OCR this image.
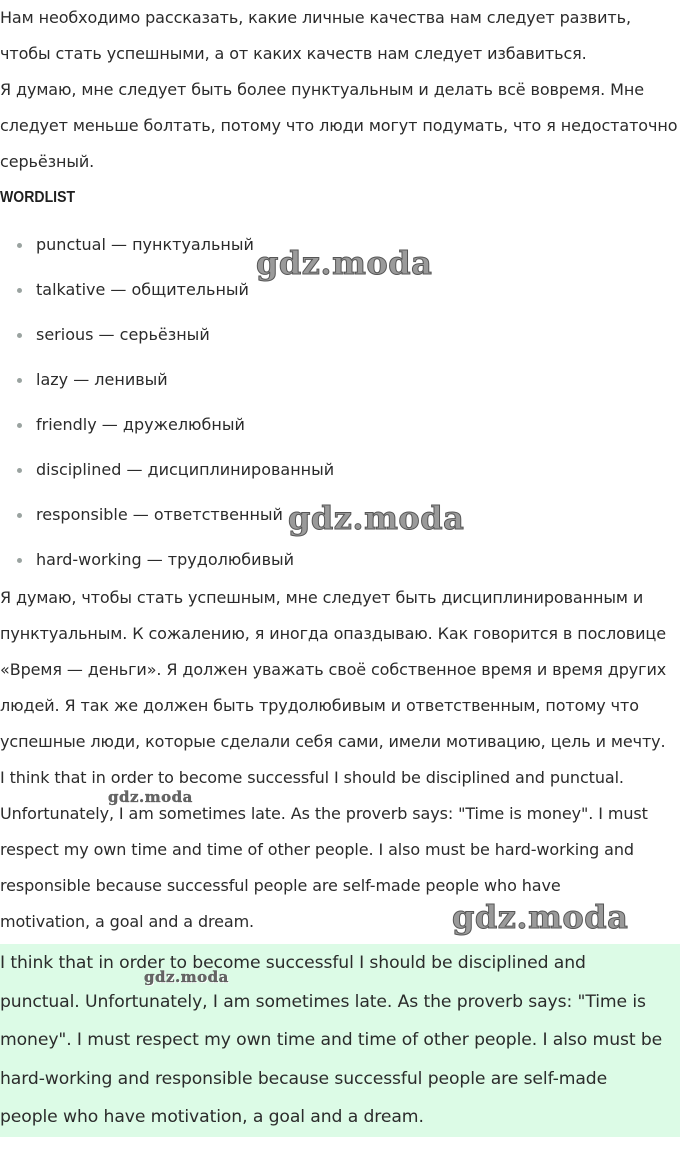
Нам необходимо рассказать, какие личные качества нам следует развить,
чтобы стать успешными, а от каких качеств нам следует избавиться.
Я думаю, мне следует быть более пунктуальным и делать всё вовремя. Мне
следует меньше болтать, потому что люди могут подумать, что я недостаточно
серьёзный.

WORDLIST
punctual — пунктуальный
talkative — общительный
serious — серьёзный
lazy — ленивый
friendly — дружелюбный
disciplined — дисциплинированный
responsible — ответственный
hard-working — трудолюбивый

Я думаю, чтобы стать успешным, мне следует быть дисциплинированным и
пунктуальным. К сожалению, я иногда опаздываю. Как говорится в пословице
«Время — деньги». Я должен уважать своё собственное время и время других
людей. Я так же должен быть трудолюбивым и ответственным, потому что
успешные люди, которые сделали себя сами, имели мотивацию, цель и мечту.

I think that in order to become successful I should be disciplined and punctual.
Unfortunately, I am sometimes late. As the proverb says: "Time is money". I must
respect my own time and time of other people. I also must be hard-working and
responsible because successful people are self-made people who have
motivation, a goal and a dream.

I think that in order to become successful I should be disciplined and
punctual. Unfortunately, I am sometimes late. As the proverb says: "Time is
money". I must respect my own time and time of other people. I also must be
hard-working and responsible because successful people are self-made
people who have motivation, a goal and a dream.

gdz.moda
gdz.moda
gdz.moda
gdz.moda
gdz.moda
